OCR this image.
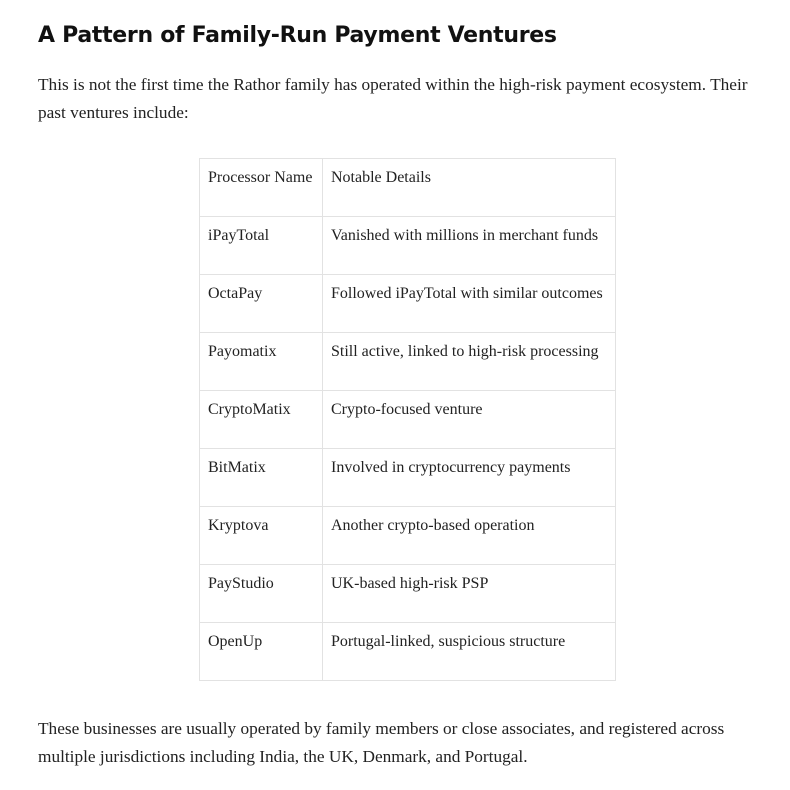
A Pattern of Family-Run Payment Ventures

This is not the first time the Rathor family has operated within the high-risk payment ecosystem. Their past ventures include:

Processor Name	Notable Details
iPayTotal	Vanished with millions in merchant funds
OctaPay	Followed iPayTotal with similar outcomes
Payomatix	Still active, linked to high-risk processing
CryptoMatix	Crypto-focused venture
BitMatix	Involved in cryptocurrency payments
Kryptova	Another crypto-based operation
PayStudio	UK-based high-risk PSP
OpenUp	Portugal-linked, suspicious structure

These businesses are usually operated by family members or close associates, and registered across multiple jurisdictions including India, the UK, Denmark, and Portugal.
